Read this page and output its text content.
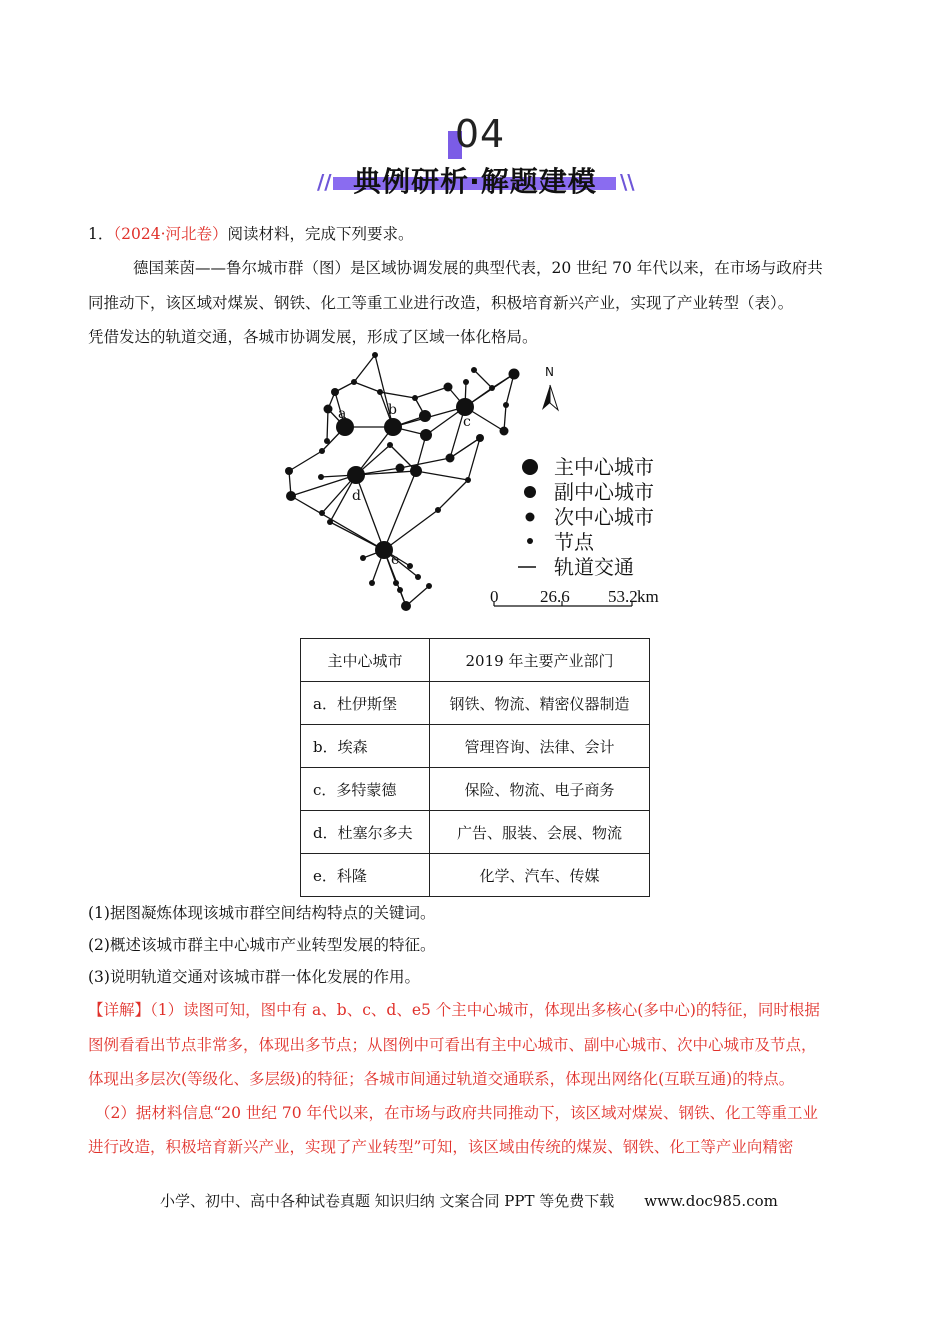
04
// 典例研析·解题建模	\\
1．（2024·河北卷）阅读材料，完成下列要求。
德国莱茵——鲁尔城市群（图）是区域协调发展的典型代表，20 世纪 70 年代以来，在市场与政府共
同推动下，该区域对煤炭、钢铁、化工等重工业进行改造，积极培育新兴产业，实现了产业转型（表）。
凭借发达的轨道交通，各城市协调发展，形成了区域一体化格局。
a	b
c
d
e
N
主中心城市
副中心城市
次中心城市
节点
轨道交通
0 26.6 53.2 km
主中心城市	2019 年主要产业部门
a．杜伊斯堡	钢铁、物流、精密仪器制造
b．埃森	管理咨询、法律、会计
c．多特蒙德	保险、物流、电子商务
d．杜塞尔多夫	广告、服装、会展、物流
e．科隆	化学、汽车、传媒
(1)据图凝炼体现该城市群空间结构特点的关键词。
(2)概述该城市群主中心城市产业转型发展的特征。
(3)说明轨道交通对该城市群一体化发展的作用。
【详解】（1）读图可知，图中有 a、b、c、d、e5 个主中心城市，体现出多核心(多中心)的特征，同时根据
图例看看出节点非常多，体现出多节点；从图例中可看出有主中心城市、副中心城市、次中心城市及节点，
体现出多层次(等级化、多层级)的特征；各城市间通过轨道交通联系，体现出网络化(互联互通)的特点。
（2）据材料信息“20 世纪 70 年代以来，在市场与政府共同推动下，该区域对煤炭、钢铁、化工等重工业
进行改造，积极培育新兴产业，实现了产业转型”可知，该区域由传统的煤炭、钢铁、化工等产业向精密
小学、初中、高中各种试卷真题 知识归纳 文案合同 PPT 等免费下载 www.doc985.com
